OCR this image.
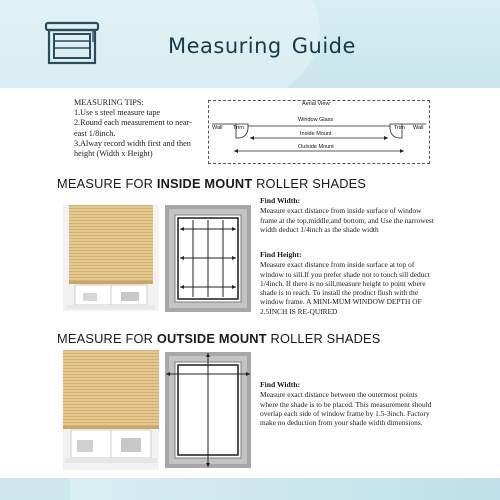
Measuring Guide

MEASURING TIPS:

1.Use s steel measure tape

2.Round each measurement to near-east 1/8inch.

3.Alway record width first and then height (Width x Height)

Aerial View:
Window Glass
Wall Trim	Trim Wall
Inside Mount
Outside Mount
MEASURE FOR INSIDE MOUNT ROLLER SHADES
Find Width:

Measure exact distance from inside surface of window frame at the top,middle,and bottom, and Use the narrowest width deduct 1/4inch as the shade width

Find Height:

Measure exact distance from inside surface at top of window to sill.If you prefer shade not to touch sill deduct 1/4inch. If there is no sill,measure height to point where shade is to reach. To install the product flush with the window frame. A MINI-MUM WINDOW DEPTH OF 2.5INCH IS RE-QUIRED

MEASURE FOR OUTSIDE MOUNT ROLLER SHADES
Find Width:

Measure exact distance between the outermost points where the shade is to be placed. This measurement should overlap each side of window frame by 1.5-3inch. Factory make no deduction from your shade width dimensions.
